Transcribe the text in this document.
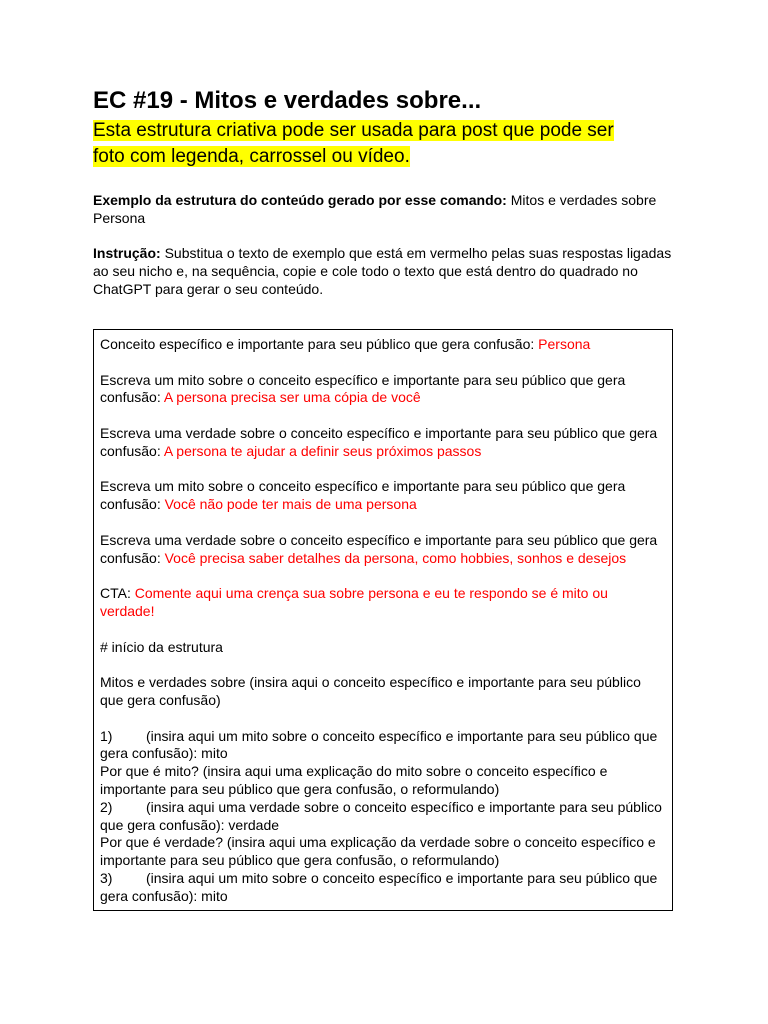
EC #19 - Mitos e verdades sobre...

Esta estrutura criativa pode ser usada para post que pode ser
foto com legenda, carrossel ou vídeo.

Exemplo da estrutura do conteúdo gerado por esse comando: Mitos e verdades sobre Persona

Instrução: Substitua o texto de exemplo que está em vermelho pelas suas respostas ligadas ao seu nicho e, na sequência, copie e cole todo o texto que está dentro do quadrado no ChatGPT para gerar o seu conteúdo.

Conceito específico e importante para seu público que gera confusão: Persona
Escreva um mito sobre o conceito específico e importante para seu público que gera confusão: A persona precisa ser uma cópia de você
Escreva uma verdade sobre o conceito específico e importante para seu público que gera confusão: A persona te ajudar a definir seus próximos passos
Escreva um mito sobre o conceito específico e importante para seu público que gera confusão: Você não pode ter mais de uma persona
Escreva uma verdade sobre o conceito específico e importante para seu público que gera confusão: Você precisa saber detalhes da persona, como hobbies, sonhos e desejos
CTA: Comente aqui uma crença sua sobre persona e eu te respondo se é mito ou verdade!
# início da estrutura
Mitos e verdades sobre (insira aqui o conceito específico e importante para seu público que gera confusão)
1) (insira aqui um mito sobre o conceito específico e importante para seu público que gera confusão): mito
Por que é mito? (insira aqui uma explicação do mito sobre o conceito específico e importante para seu público que gera confusão, o reformulando)
2) (insira aqui uma verdade sobre o conceito específico e importante para seu público que gera confusão): verdade
Por que é verdade? (insira aqui uma explicação da verdade sobre o conceito específico e importante para seu público que gera confusão, o reformulando)
3) (insira aqui um mito sobre o conceito específico e importante para seu público que gera confusão): mito
